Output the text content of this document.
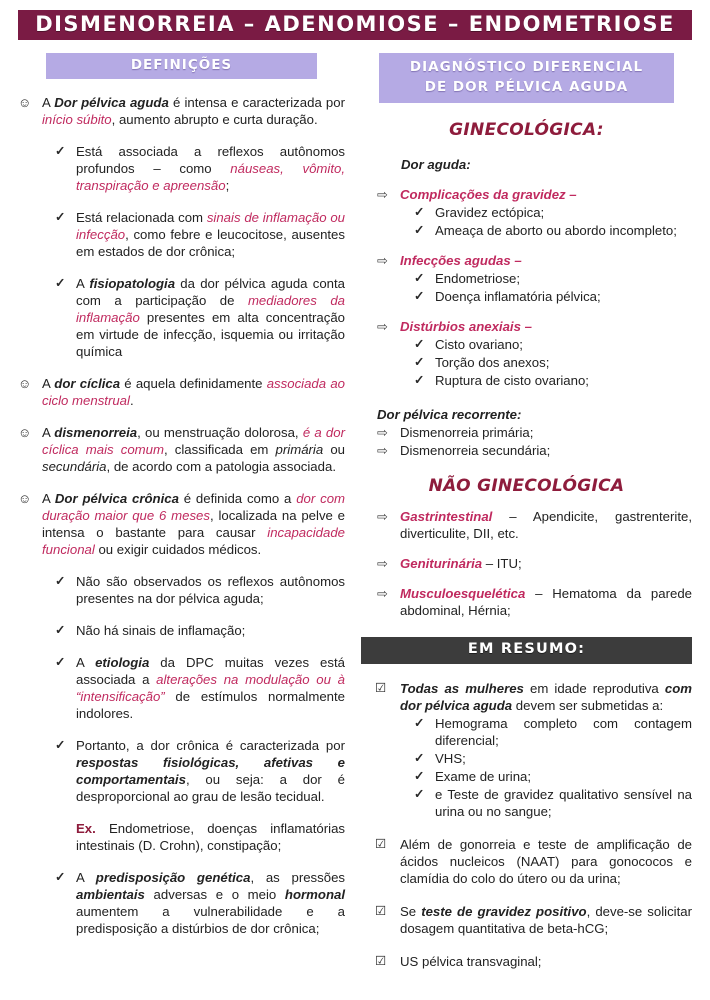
DISMENORREIA – ADENOMIOSE – ENDOMETRIOSE
DEFINIÇÕES
☺ A Dor pélvica aguda é intensa e caracterizada por início súbito, aumento abrupto e curta duração.
✓ Está associada a reflexos autônomos profundos – como náuseas, vômito, transpiração e apreensão;
✓ Está relacionada com sinais de inflamação ou infecção, como febre e leucocitose, ausentes em estados de dor crônica;
✓ A fisiopatologia da dor pélvica aguda conta com a participação de mediadores da inflamação presentes em alta concentração em virtude de infecção, isquemia ou irritação química
☺ A dor cíclica é aquela definidamente associada ao ciclo menstrual.
☺ A dismenorreia, ou menstruação dolorosa, é a dor cíclica mais comum, classificada em primária ou secundária, de acordo com a patologia associada.
☺ A Dor pélvica crônica é definida como a dor com duração maior que 6 meses, localizada na pelve e intensa o bastante para causar incapacidade funcional ou exigir cuidados médicos.
✓ Não são observados os reflexos autônomos presentes na dor pélvica aguda;
✓ Não há sinais de inflamação;
✓ A etiologia da DPC muitas vezes está associada a alterações na modulação ou à “intensificação” de estímulos normalmente indolores.
✓ Portanto, a dor crônica é caracterizada por respostas fisiológicas, afetivas e comportamentais, ou seja: a dor é desproporcional ao grau de lesão tecidual.
Ex. Endometriose, doenças inflamatórias intestinais (D. Crohn), constipação;
✓ A predisposição genética, as pressões ambientais adversas e o meio hormonal aumentem a vulnerabilidade e a predisposição a distúrbios de dor crônica;
DIAGNÓSTICO DIFERENCIAL
DE DOR PÉLVICA AGUDA
GINECOLÓGICA:
Dor aguda:
⇨ Complicações da gravidez –
✓ Gravidez ectópica;
✓ Ameaça de aborto ou abordo incompleto;
⇨ Infecções agudas –
✓ Endometriose;
✓ Doença inflamatória pélvica;
⇨ Distúrbios anexiais –
✓ Cisto ovariano;
✓ Torção dos anexos;
✓ Ruptura de cisto ovariano;
Dor pélvica recorrente:
⇨ Dismenorreia primária;
⇨ Dismenorreia secundária;
NÃO GINECOLÓGICA
⇨ Gastrintestinal – Apendicite, gastrenterite, diverticulite, DII, etc.
⇨ Geniturinária – ITU;
⇨ Musculoesquelética – Hematoma da parede abdominal, Hérnia;
EM RESUMO:
☑	Todas as mulheres em idade reprodutiva com dor pélvica aguda devem ser submetidas a:
✓ Hemograma completo com contagem diferencial;
✓ VHS;
✓ Exame de urina;
✓ e Teste de gravidez qualitativo sensível na urina ou no sangue;
☑	Além de gonorreia e teste de amplificação de ácidos nucleicos (NAAT) para gonococos e clamídia do colo do útero ou da urina;
☑	Se teste de gravidez positivo, deve-se solicitar dosagem quantitativa de beta-hCG;
☑	US pélvica transvaginal;
